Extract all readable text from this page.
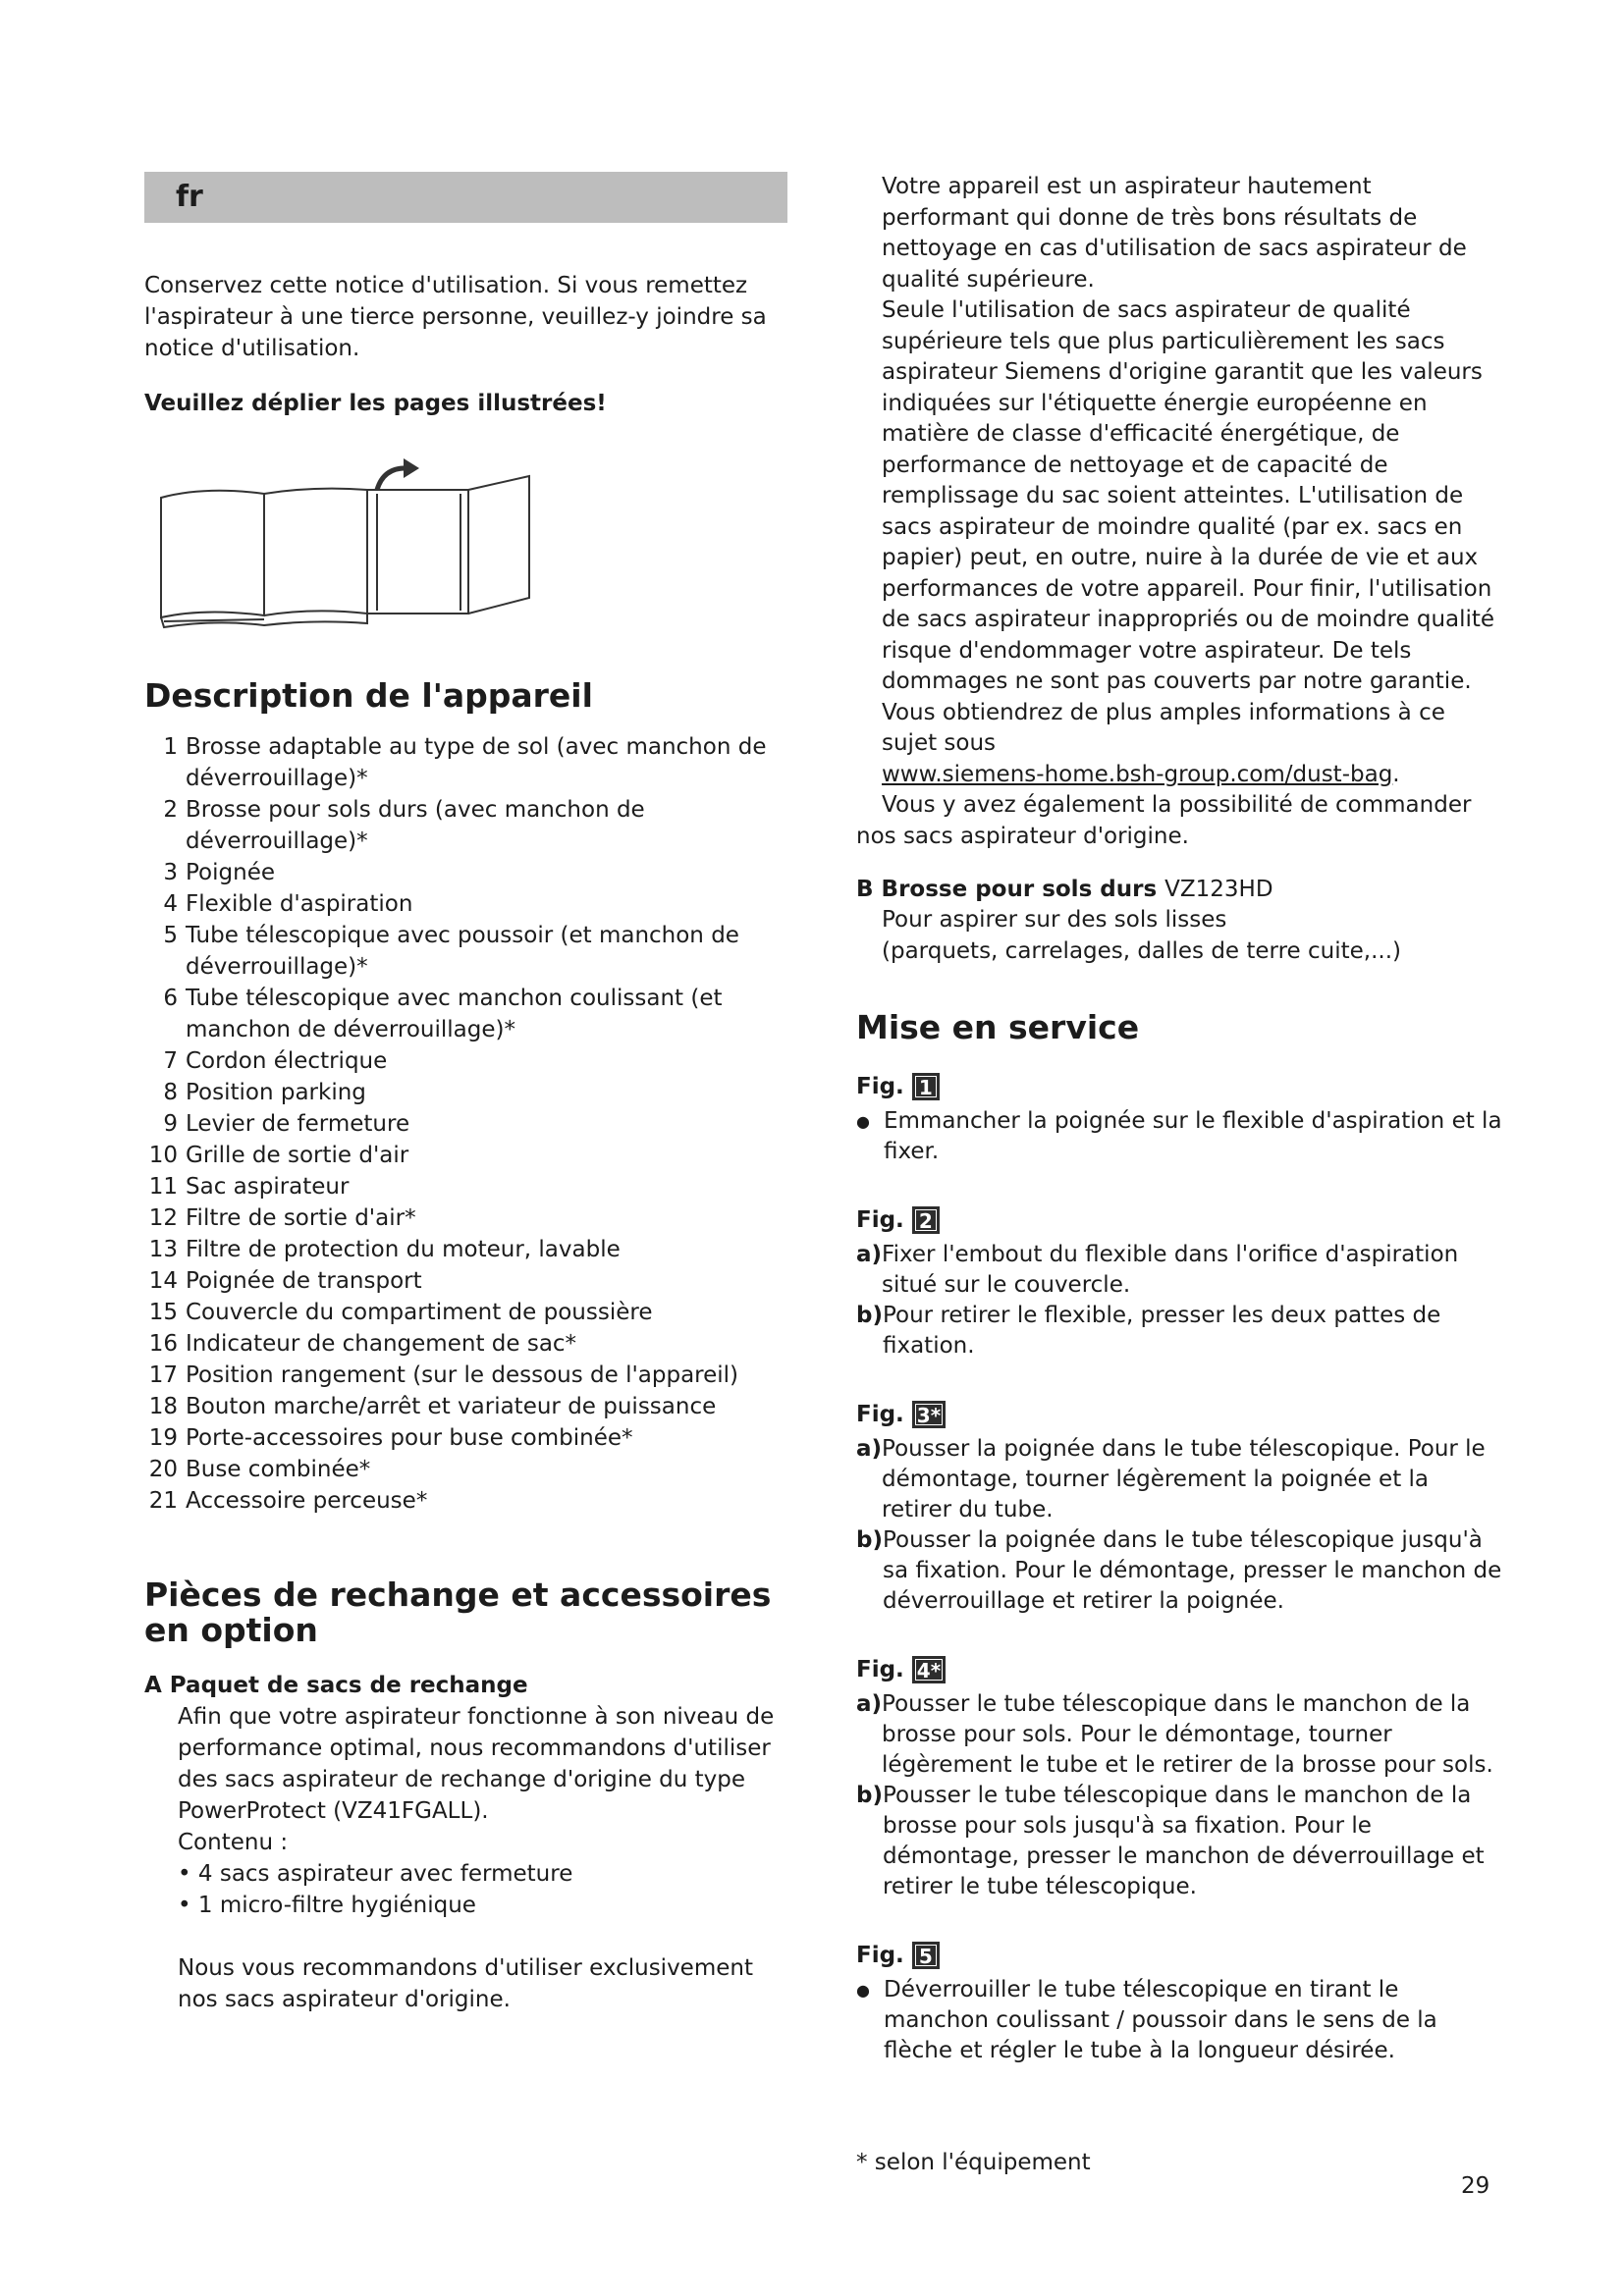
fr

Conservez cette notice d'utilisation. Si vous remettez l'aspirateur à une tierce personne, veuillez-y joindre sa notice d'utilisation.

Veuillez déplier les pages illustrées!

Description de l'appareil
1 Brosse adaptable au type de sol (avec manchon de déverrouillage)*
2 Brosse pour sols durs (avec manchon de déverrouillage)*
3 Poignée
4 Flexible d'aspiration
5 Tube télescopique avec poussoir (et manchon de déverrouillage)*
6 Tube télescopique avec manchon coulissant (et manchon de déverrouillage)*
7 Cordon électrique
8 Position parking
9 Levier de fermeture
10 Grille de sortie d'air
11 Sac aspirateur
12 Filtre de sortie d'air*
13 Filtre de protection du moteur, lavable
14 Poignée de transport
15 Couvercle du compartiment de poussière
16 Indicateur de changement de sac*
17 Position rangement (sur le dessous de l'appareil)
18 Bouton marche/arrêt et variateur de puissance
19 Porte-accessoires pour buse combinée*
20 Buse combinée*
21 Accessoire perceuse*
Pièces de rechange et accessoires en option
A Paquet de sacs de rechange

Afin que votre aspirateur fonctionne à son niveau de performance optimal, nous recommandons d'utiliser des sacs aspirateur de rechange d'origine du type PowerProtect (VZ41FGALL).

Contenu :

• 4 sacs aspirateur avec fermeture
• 1 micro-filtre hygiénique

Nous vous recommandons d'utiliser exclusivement nos sacs aspirateur d'origine.

Votre appareil est un aspirateur hautement performant qui donne de très bons résultats de nettoyage en cas d'utilisation de sacs aspirateur de qualité supérieure.

Seule l'utilisation de sacs aspirateur de qualité supérieure tels que plus particulièrement les sacs aspirateur Siemens d'origine garantit que les valeurs indiquées sur l'étiquette énergie européenne en matière de classe d'efficacité énergétique, de performance de nettoyage et de capacité de remplissage du sac soient atteintes. L'utilisation de sacs aspirateur de moindre qualité (par ex. sacs en papier) peut, en outre, nuire à la durée de vie et aux performances de votre appareil. Pour finir, l'utilisation de sacs aspirateur inappropriés ou de moindre qualité risque d'endommager votre aspirateur. De tels dommages ne sont pas couverts par notre garantie.

Vous obtiendrez de plus amples informations à ce sujet sous

www.siemens-home.bsh-group.com/dust-bag.

Vous y avez également la possibilité de commander nos sacs aspirateur d'origine.

B Brosse pour sols durs VZ123HD

Pour aspirer sur des sols lisses

(parquets, carrelages, dalles de terre cuite,...)

Mise en service
Fig. 1
● Emmancher la poignée sur le flexible d'aspiration et la fixer.
Fig. 2
a) Fixer l'embout du flexible dans l'orifice d'aspiration situé sur le couvercle.
b) Pour retirer le flexible, presser les deux pattes de fixation.
Fig. 3*
a) Pousser la poignée dans le tube télescopique. Pour le démontage, tourner légèrement la poignée et la retirer du tube.
b) Pousser la poignée dans le tube télescopique jusqu'à sa fixation. Pour le démontage, presser le manchon de déverrouillage et retirer la poignée.
Fig. 4*
a) Pousser le tube télescopique dans le manchon de la brosse pour sols. Pour le démontage, tourner légèrement le tube et le retirer de la brosse pour sols.
b) Pousser le tube télescopique dans le manchon de la brosse pour sols jusqu'à sa fixation. Pour le démontage, presser le manchon de déverrouillage et retirer le tube télescopique.
Fig. 5
● Déverrouiller le tube télescopique en tirant le manchon coulissant / poussoir dans le sens de la flèche et régler le tube à la longueur désirée.
* selon l'équipement
29
